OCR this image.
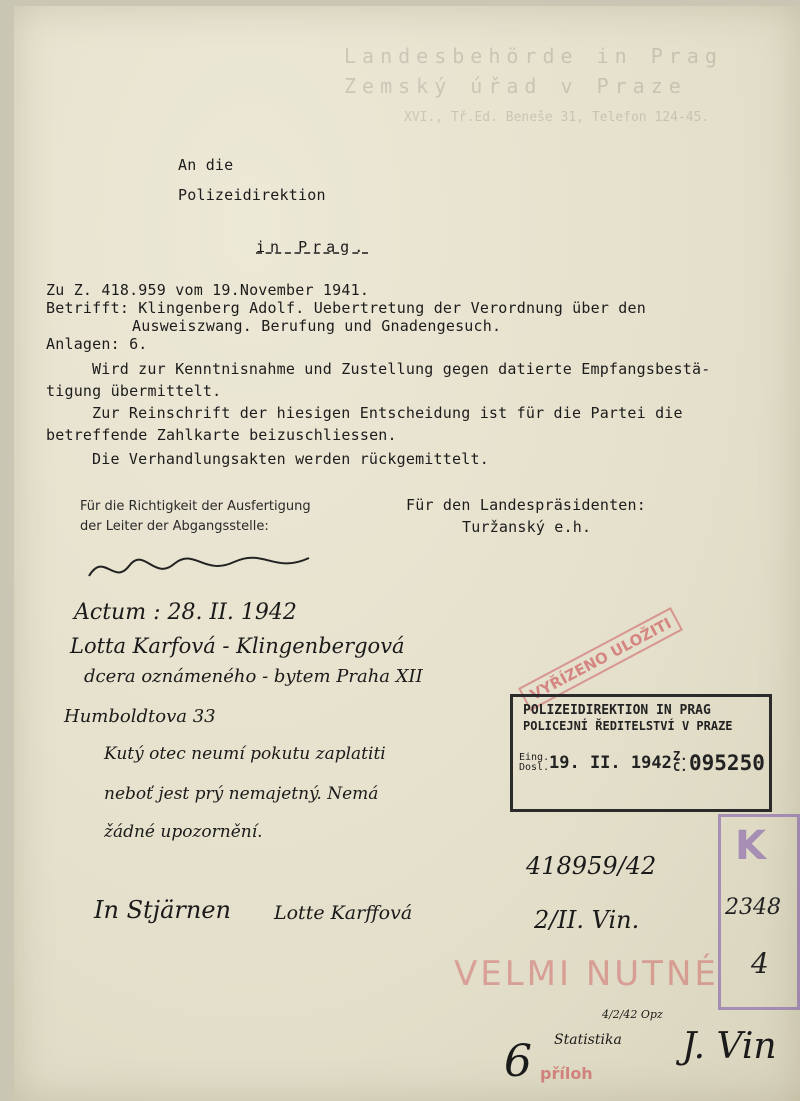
Landesbehörde in Prag
Zemský úřad v Praze
XVI., Tř.Ed. Beneše 31, Telefon 124-45.
An die
Polizeidirektion
in Prag.
Zu Z. 418.959 vom 19.November 1941.
Betrifft: Klingenberg Adolf. Uebertretung der Verordnung über den
Ausweiszwang. Berufung und Gnadengesuch.
Anlagen: 6.
Wird zur Kenntnisnahme und Zustellung gegen datierte Empfangsbestä-
tigung übermittelt.
Zur Reinschrift der hiesigen Entscheidung ist für die Partei die
betreffende Zahlkarte beizuschliessen.
Die Verhandlungsakten werden rückgemittelt.
Für die Richtigkeit der Ausfertigung
der Leiter der Abgangsstelle:
Für den Landespräsidenten:
Turžanský e.h.
Actum : 28. II. 1942
Lotta Karfová - Klingenbergová
dcera oznámeného - bytem Praha XII
Humboldtova 33
Kutý otec neumí pokutu zaplatiti
neboť jest prý nemajetný. Nemá
žádné upozornění.
In Stjärnen Lotte Karffová
418959/42
2/II. Vin.
Statistika
4/2/42 Opz
6	J. Vin
VYŘÍZENO ULOŽITI
POLIZEIDIREKTION IN PRAG
POLICEJNÍ ŘEDITELSTVÍ V PRAZE
Eing. Dosl. 19. II. 1942 Z. Č. 095250
VELMI NUTNÉ
příloh
K
2348
4
